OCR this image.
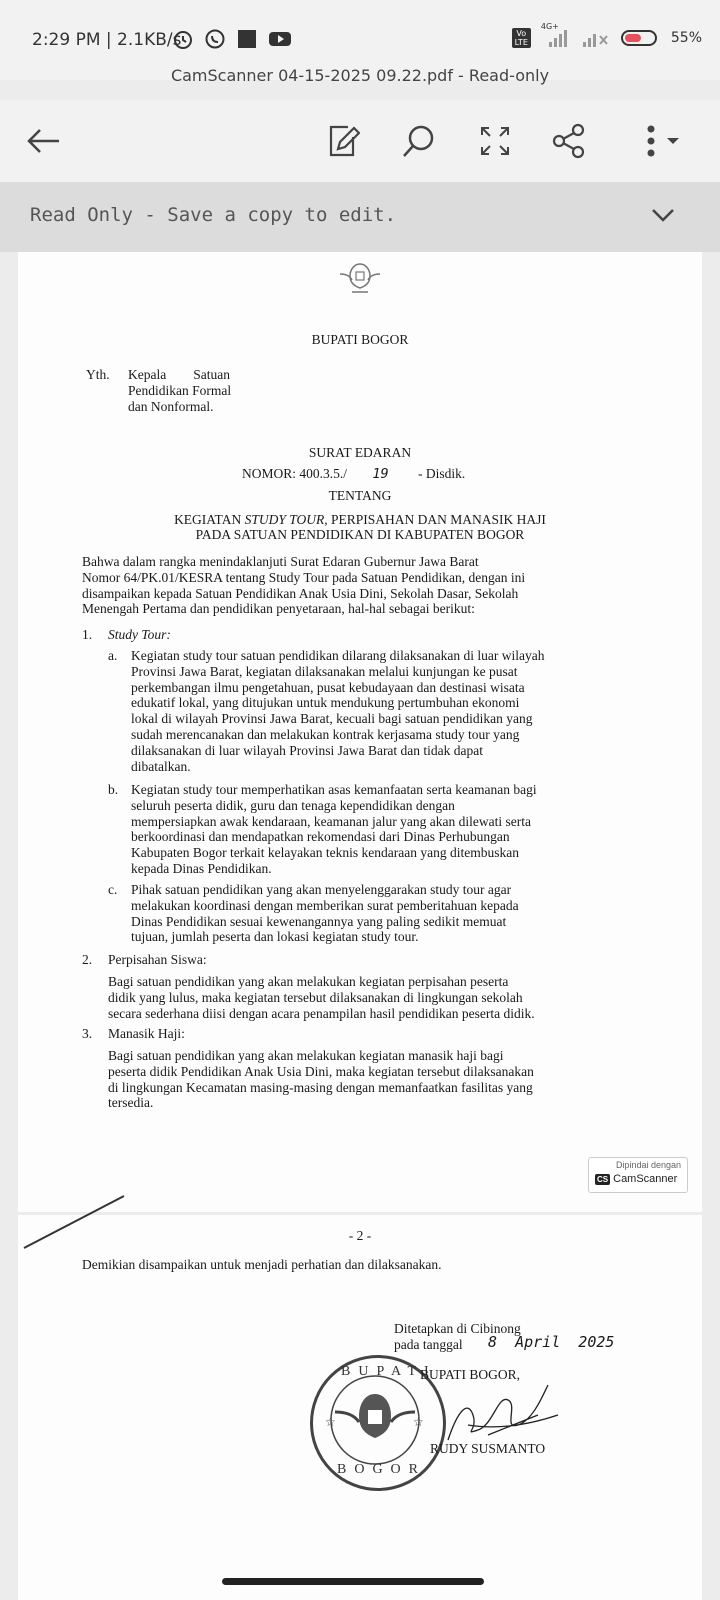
2:29 PM | 2.1KB/s	Vo
LTE
4G+
55%
CamScanner 04-15-2025 09.22.pdf - Read-only
Read Only - Save a copy to edit.
BUPATI BOGOR
Yth. Kepala        Satuan
Pendidikan Formal
dan Nonformal.
SURAT EDARAN
NOMOR: 400.3.5./ 19 - Disdik.
TENTANG
KEGIATAN STUDY TOUR, PERPISAHAN DAN MANASIK HAJI
PADA SATUAN PENDIDIKAN DI KABUPATEN BOGOR
Bahwa dalam rangka menindaklanjuti Surat Edaran Gubernur Jawa Barat
Nomor 64/PK.01/KESRA tentang Study Tour pada Satuan Pendidikan, dengan ini
disampaikan kepada Satuan Pendidikan Anak Usia Dini, Sekolah Dasar, Sekolah
Menengah Pertama dan pendidikan penyetaraan, hal-hal sebagai berikut:
1. Study Tour:
a. Kegiatan study tour satuan pendidikan dilarang dilaksanakan di luar wilayah
Provinsi Jawa Barat, kegiatan dilaksanakan melalui kunjungan ke pusat
perkembangan ilmu pengetahuan, pusat kebudayaan dan destinasi wisata
edukatif lokal, yang ditujukan untuk mendukung pertumbuhan ekonomi
lokal di wilayah Provinsi Jawa Barat, kecuali bagi satuan pendidikan yang
sudah merencanakan dan melakukan kontrak kerjasama study tour yang
dilaksanakan di luar wilayah Provinsi Jawa Barat dan tidak dapat
dibatalkan.
b. Kegiatan study tour memperhatikan asas kemanfaatan serta keamanan bagi
seluruh peserta didik, guru dan tenaga kependidikan dengan
mempersiapkan awak kendaraan, keamanan jalur yang akan dilewati serta
berkoordinasi dan mendapatkan rekomendasi dari Dinas Perhubungan
Kabupaten Bogor terkait kelayakan teknis kendaraan yang ditembuskan
kepada Dinas Pendidikan.
c. Pihak satuan pendidikan yang akan menyelenggarakan study tour agar
melakukan koordinasi dengan memberikan surat pemberitahuan kepada
Dinas Pendidikan sesuai kewenangannya yang paling sedikit memuat
tujuan, jumlah peserta dan lokasi kegiatan study tour.
2. Perpisahan Siswa:
Bagi satuan pendidikan yang akan melakukan kegiatan perpisahan peserta
didik yang lulus, maka kegiatan tersebut dilaksanakan di lingkungan sekolah
secara sederhana diisi dengan acara penampilan hasil pendidikan peserta didik.
3. Manasik Haji:
Bagi satuan pendidikan yang akan melakukan kegiatan manasik haji bagi
peserta didik Pendidikan Anak Usia Dini, maka kegiatan tersebut dilaksanakan
di lingkungan Kecamatan masing-masing dengan memanfaatkan fasilitas yang
tersedia.
Dipindai dengan
CS CamScanner
- 2 -
Demikian disampaikan untuk menjadi perhatian dan dilaksanakan.
Ditetapkan di Cibinong
pada tanggal 8  April  2025
BUPATI
BOGOR
☆	☆
BUPATI BOGOR,
RUDY SUSMANTO
